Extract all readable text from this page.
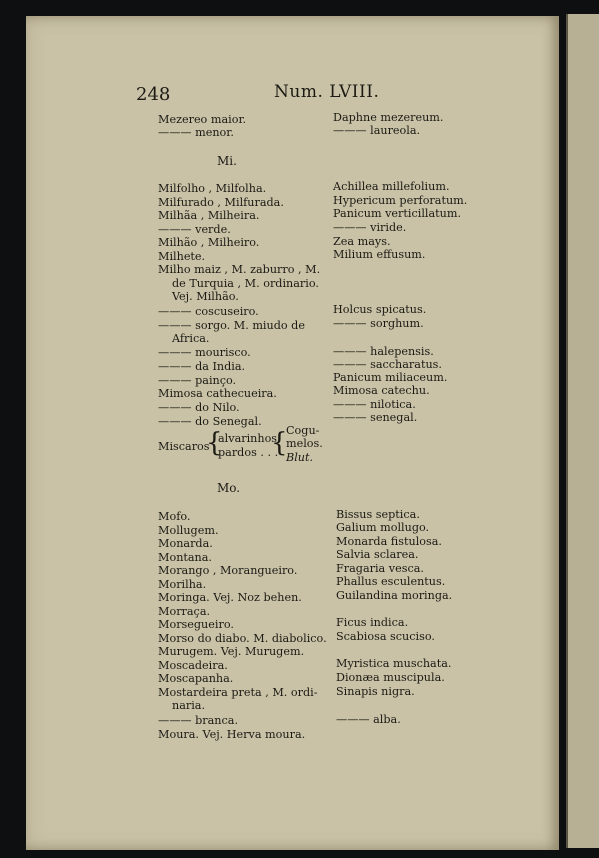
248	Num. LVIII.
Mezereo maior.
——— menor.
Daphne mezereum.
——— laureola.
Mi.
Milfolho , Milfolha.
Milfurado , Milfurada.
Milhãa , Milheira.
——— verde.
Milhão , Milheiro.
Milhete.
Milho maiz , M. zaburro , M.
de Turquia , M. ordinario.
Vej. Milhão.
——— coscuseiro.
——— sorgo. M. miudo de
Africa.
——— mourisco.
——— da India.
——— painço.
Mimosa cathecueira.
——— do Nilo.
——— do Senegal.
Achillea millefolium.
Hypericum perforatum.
Panicum verticillatum.
——— viride.
Zea mays.
Milium effusum.
Holcus spicatus.
——— sorghum.
——— halepensis.
——— saccharatus.
Panicum miliaceum.
Mimosa catechu.
——— nilotica.
——— senegal.
Mo.
Mofo.
Mollugem.
Monarda.
Montana.
Morango , Morangueiro.
Morilha.
Moringa. Vej. Noz behen.
Morraça.
Morsegueiro.
Morso do diabo. M. diabolico.
Murugem. Vej. Murugem.
Moscadeira.
Moscapanha.
Mostardeira preta , M. ordi-
naria.
——— branca.
Moura. Vej. Herva moura.
Bissus septica.
Galium mollugo.
Monarda fistulosa.
Salvia sclarea.
Fragaria vesca.
Phallus esculentus.
Guilandina moringa.
Ficus indica.
Scabiosa scuciso.
Myristica muschata.
Dionæa muscipula.
Sinapis nigra.
——— alba.
Miscaros
{
alvarinhos
pardos . . .
{
Cogu-
melos.
Blut.
